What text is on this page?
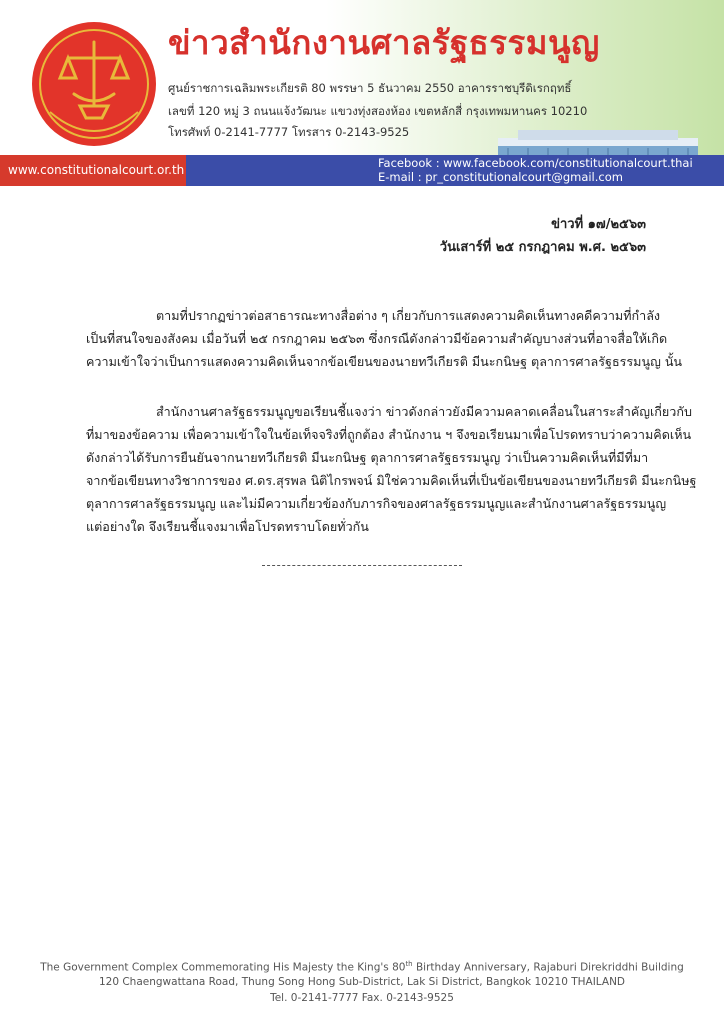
ข่าวสำนักงานศาลรัฐธรรมนูญ
ศูนย์ราชการเฉลิมพระเกียรติ 80 พรรษา 5 ธันวาคม 2550 อาคารราชบุรีดิเรกฤทธิ์
เลขที่ 120 หมู่ 3 ถนนแจ้งวัฒนะ แขวงทุ่งสองห้อง เขตหลักสี่ กรุงเทพมหานคร 10210
โทรศัพท์ 0-2141-7777 โทรสาร 0-2143-9525
www.constitutionalcourt.or.th	Facebook : www.facebook.com/constitutionalcourt.thai
E-mail : pr_constitutionalcourt@gmail.com
ข่าวที่ ๑๗/๒๕๖๓
วันเสาร์ที่ ๒๕ กรกฎาคม พ.ศ. ๒๕๖๓
ตามที่ปรากฏข่าวต่อสาธารณะทางสื่อต่าง ๆ เกี่ยวกับการแสดงความคิดเห็นทางคดีความที่กำลัง
เป็นที่สนใจของสังคม เมื่อวันที่ ๒๕ กรกฎาคม ๒๕๖๓ ซึ่งกรณีดังกล่าวมีข้อความสำคัญบางส่วนที่อาจสื่อให้เกิด
ความเข้าใจว่าเป็นการแสดงความคิดเห็นจากข้อเขียนของนายทวีเกียรติ มีนะกนิษฐ ตุลาการศาลรัฐธรรมนูญ นั้น
สำนักงานศาลรัฐธรรมนูญขอเรียนชี้แจงว่า ข่าวดังกล่าวยังมีความคลาดเคลื่อนในสาระสำคัญเกี่ยวกับ
ที่มาของข้อความ เพื่อความเข้าใจในข้อเท็จจริงที่ถูกต้อง สำนักงาน ฯ จึงขอเรียนมาเพื่อโปรดทราบว่าความคิดเห็น
ดังกล่าวได้รับการยืนยันจากนายทวีเกียรติ มีนะกนิษฐ ตุลาการศาลรัฐธรรมนูญ ว่าเป็นความคิดเห็นที่มีที่มา
จากข้อเขียนทางวิชาการของ ศ.ดร.สุรพล นิติไกรพจน์ มิใช่ความคิดเห็นที่เป็นข้อเขียนของนายทวีเกียรติ มีนะกนิษฐ
ตุลาการศาลรัฐธรรมนูญ และไม่มีความเกี่ยวข้องกับภารกิจของศาลรัฐธรรมนูญและสำนักงานศาลรัฐธรรมนูญ
แต่อย่างใด จึงเรียนชี้แจงมาเพื่อโปรดทราบโดยทั่วกัน
The Government Complex Commemorating His Majesty the King's 80th Birthday Anniversary, Rajaburi Direkriddhi Building
120 Chaengwattana Road, Thung Song Hong Sub-District, Lak Si District, Bangkok 10210 THAILAND
Tel. 0-2141-7777 Fax. 0-2143-9525
